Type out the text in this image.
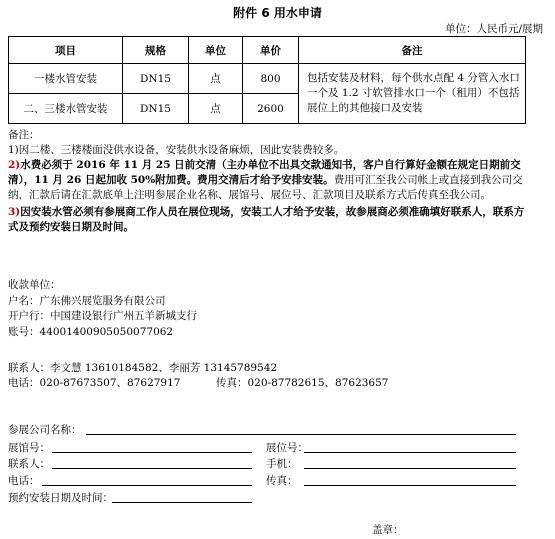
附件 6 用水申请
单位：人民币元/展期
项目	规格	单位	单价	备注
一楼水管安装	DN15	点	800	包括安装及材料，每个供水点配 4 分管入水口一个及 1.2 寸软管排水口一个（租用）不包括展位上的其他接口及安装
二、三楼水管安装	DN15	点	2600	

备注：

1)因二楼、三楼楼面没供水设备，安装供水设备麻烦，因此安装费较多。

2)水费必须于 2016 年 11 月 25 日前交清（主办单位不出具交款通知书，客户自行算好金额在规定日期前交清），11 月 26 日起加收 50%附加费。费用交清后才给予安排安装。费用可汇至我公司帐上或直接到我公司交纳，汇款后请在汇款底单上注明参展企业名称、展馆号、展位号、汇款项目及联系方式后传真至我公司。

3)因安装水管必须有参展商工作人员在展位现场，安装工人才给予安装，故参展商必须准确填好联系人，联系方式及预约安装日期及时间。

收款单位：

户名：广东佛兴展览服务有限公司

开户行：中国建设银行广州五羊新城支行

账号：44001400905050077062

联系人：李文慧 13610184582、李丽芳 13145789542
电话：020-87673507、87627917	传真：020-87782615、87623657
参展公司名称：
展馆号：	展位号：
联系人：	手机：
电话：	传真：
预约安装日期及时间：
盖章：
